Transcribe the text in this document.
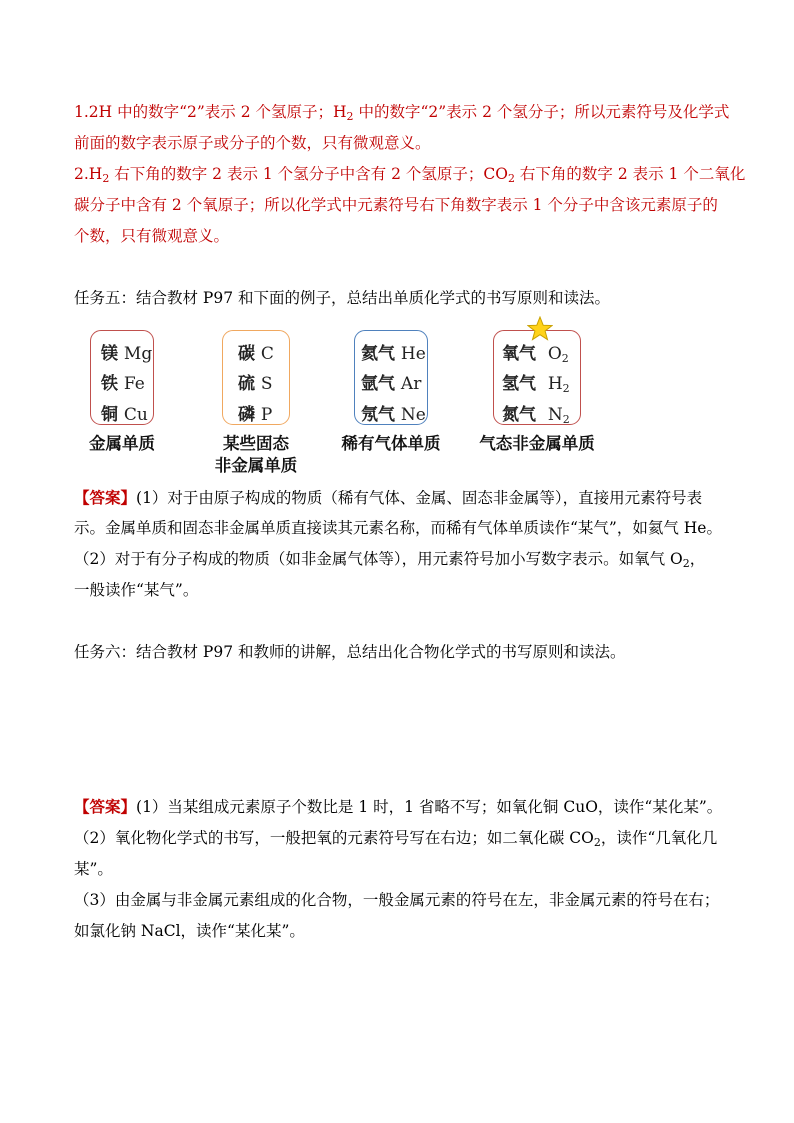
1.2H 中的数字“2”表示 2 个氢原子；$H_2$ 中的数字“2”表示 2 个氢分子；所以元素符号及化学式
前面的数字表示原子或分子的个数，只有微观意义。
$2.H_2$ 右下角的数字 2 表示 1 个氢分子中含有 2 个氢原子；$CO_2$ 右下角的数字 2 表示 1 个二氧化
碳分子中含有 2 个氧原子；所以化学式中元素符号右下角数字表示 1 个分子中含该元素原子的
个数，只有微观意义。
任务五：结合教材 P97 和下面的例子，总结出单质化学式的书写原则和读法。
镁 Mg
铁 Fe
铜 Cu
金属单质
碳 C
硫 S
磷 P
某些固态
非金属单质
氦气 He
氩气 Ar
氖气 Ne
稀有气体单质
氧气 $O_2$
氢气 $H_2$
氮气 $N_2$
气态非金属单质
【答案】(1）对于由原子构成的物质（稀有气体、金属、固态非金属等），直接用元素符号表
示。金属单质和固态非金属单质直接读其元素名称，而稀有气体单质读作“某气”，如氦气 He。
（2）对于有分子构成的物质（如非金属气体等），用元素符号加小写数字表示。如氧气 $O_2$，
一般读作“某气”。
任务六：结合教材 P97 和教师的讲解，总结出化合物化学式的书写原则和读法。
【答案】(1）当某组成元素原子个数比是 1 时，1 省略不写；如氧化铜 CuO，读作“某化某”。
（2）氧化物化学式的书写，一般把氧的元素符号写在右边；如二氧化碳 $CO_2$，读作“几氧化几
某”。
（3）由金属与非金属元素组成的化合物，一般金属元素的符号在左，非金属元素的符号在右；
如氯化钠 NaCl，读作“某化某”。
